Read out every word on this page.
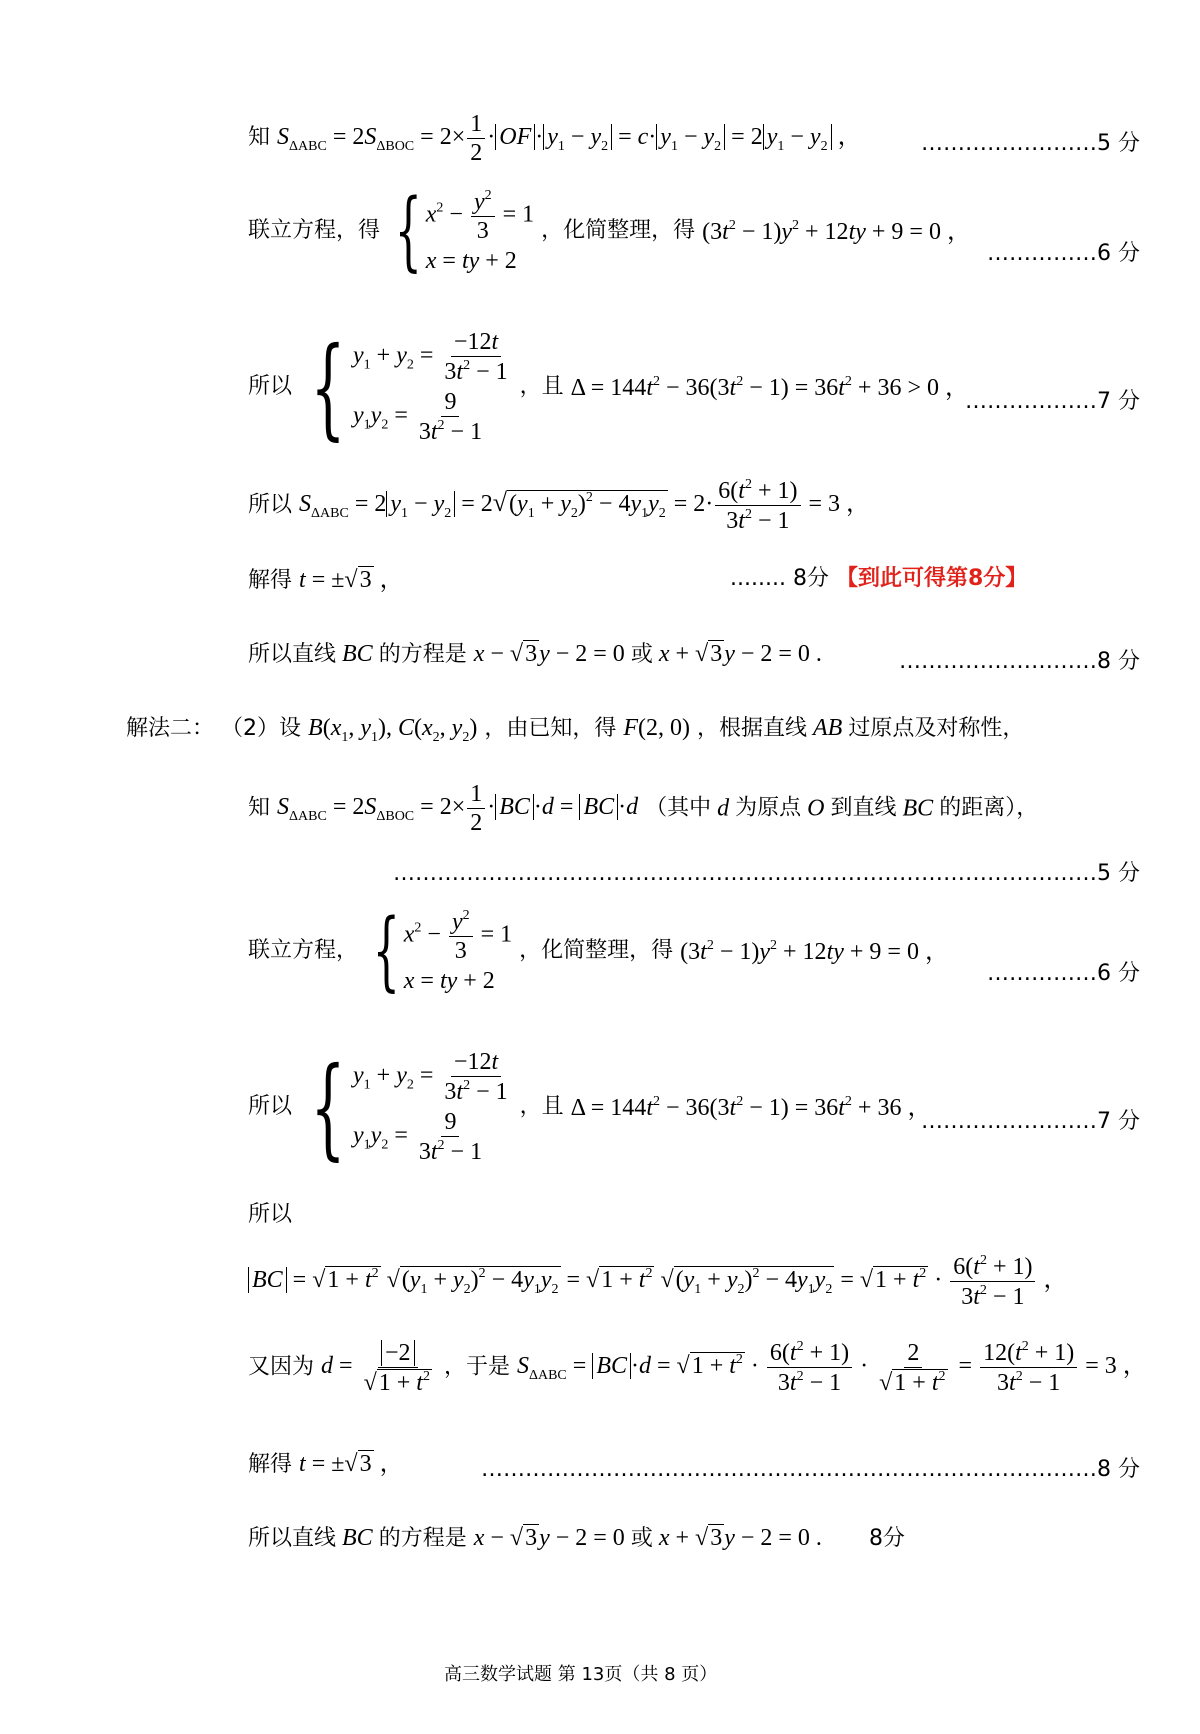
知 $S_{\Delta ABC} = 2S_{\Delta BOC} = 2\times \frac{1}{2}$ · OF · $y_1 - y_2 = c\cdot y_1 - y_2 = 2$ $y_1 - y_2$ ，	……………………5 分
联立方程，得 { $x^2 - \frac{y^2}{3} = 1$
x = ty + 2
，化简整理，得 $(3t^2 - 1)y^2 + 12ty + 9 = 0$ ，
……………6 分
所以 { $y_1 + y_2 = \frac{-12t}{3t^2 - 1}$
$y_1y_2 = \frac{9}{3t^2 - 1}$
，且 $\Delta = 144t^2 - 36(3t^2 - 1) = 36t^2 + 36 > 0$ ，
………………7 分
所以 $S_{\Delta ABC} = 2$ $y_1 - y_2 = 2√(y_1 + y_2)^2 - 4y_1y_2 = 2\cdot \frac{6(t^2 + 1)}{3t^2 - 1} = 3$ ，
解得 t = ±√3 ，	........ 8分 【到此可得第8分】
所以直线 BC 的方程是 x − √3y − 2 = 0 或 x + √3y − 2 = 0 .	………………………8 分
解法二： （2）设 $B(x_1$, $y_1$), $C(x_2$, $y_2$) ，由已知，得 F(2, 0) ，根据直线 AB 过原点及对称性，
知 $S_{\Delta ABC} = 2S_{\Delta BOC} = 2\times \frac{1}{2}$ · BC ·d = BC ·d （其中 d 为原点 O 到直线 BC 的距离），
……………………………………………………………………………………5 分
联立方程， { $x^2 - \frac{y^2}{3} = 1$
x = ty + 2
，化简整理，得 $(3t^2 - 1)y^2 + 12ty + 9 = 0$ ，
……………6 分
所以 { $y_1 + y_2 = \frac{-12t}{3t^2 - 1}$
$y_1y_2 = \frac{9}{3t^2 - 1}$
，且 $\Delta = 144t^2 - 36(3t^2 - 1) = 36t^2 + 36$ ，
……………………7 分
所以
BC = $√1 + t^2$ $√(y_1 + y_2)^2 - 4y_1y_2 = √1 + t^2$ $√(y_1 + y_2)^2 - 4y_1y_2 = √1 + t^2 \cdot \frac{6(t^2 + 1)}{3t^2 - 1}$ ，
又因为 $d = \frac{-2}{√1 + t^2}$ ，于是 $S_{\Delta ABC}$ = BC $\cdot d = √1 + t^2 \cdot \frac{6(t^2 + 1)}{3t^2 - 1} \cdot \frac{2}{√1 + t^2} = \frac{12(t^2 + 1)}{3t^2 - 1} = 3$ ，
解得 t = ±√3 ，	…………………………………………………………………………8 分
所以直线 BC 的方程是 x − √3y − 2 = 0 或 x + √3y − 2 = 0 . 8分
高三数学试题 第 13页（共 8 页）
